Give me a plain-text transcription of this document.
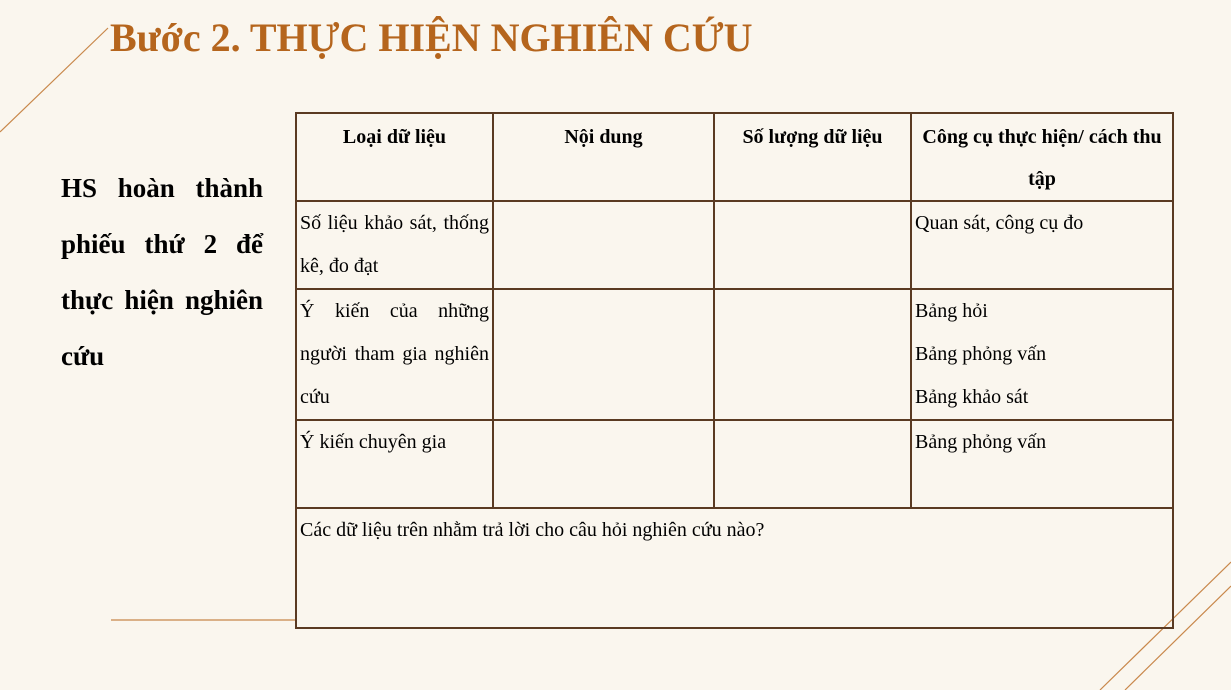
Bước 2. THỰC HIỆN NGHIÊN CỨU
HS hoàn thành phiếu thứ 2 để thực hiện nghiên cứu
Loại dữ liệu	Nội dung	Số lượng dữ liệu	Công cụ thực hiện/ cách thu tập
Số liệu khảo sát, thống kê, đo đạt			Quan sát, công cụ đo

Ý kiến của những người tham gia nghiên cứu			Bảng hỏi
Bảng phỏng vấn
Bảng khảo sát

Ý kiến chuyên gia			Bảng phỏng vấn

Các dữ liệu trên nhằm trả lời cho câu hỏi nghiên cứu nào?			
